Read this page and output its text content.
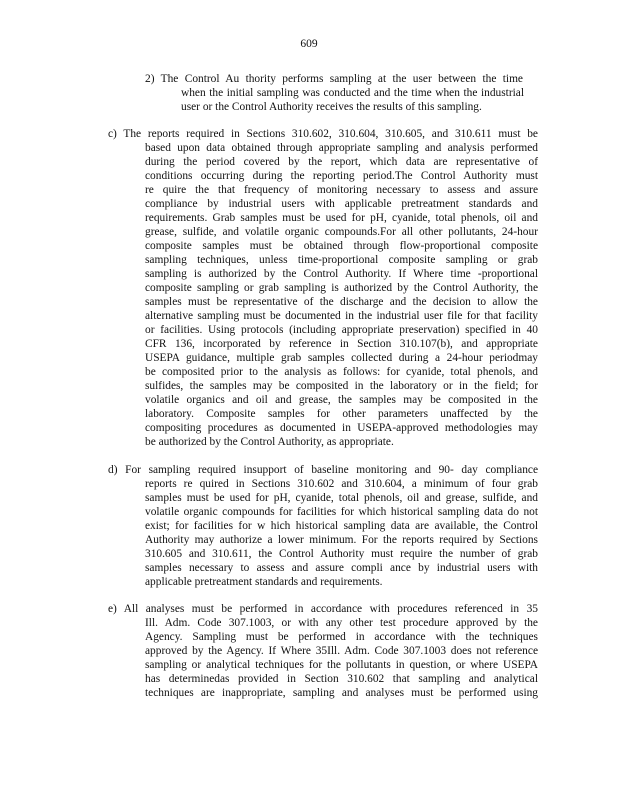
609
2) The Control Au thority performs sampling at the user between the time
when the initial sampling was conducted and the time when the industrial
user or the Control Authority receives the results of this sampling.
c) The reports required in Sections 310.602, 310.604, 310.605, and 310.611 must be
based upon data obtained through appropriate sampling and analysis performed
during the period covered by the report, which data are representative of
conditions occurring during the reporting period.The Control Authority must
re quire the that frequency of monitoring necessary to assess and assure
compliance by industrial users with applicable pretreatment standards and
requirements. Grab samples must be used for pH, cyanide, total phenols, oil and
grease, sulfide, and volatile organic compounds.For all other pollutants, 24-hour
composite samples must be obtained through flow-proportional composite
sampling techniques, unless time-proportional composite sampling or grab
sampling is authorized by the Control Authority. If Where time -proportional
composite sampling or grab sampling is authorized by the Control Authority, the
samples must be representative of the discharge and the decision to allow the
alternative sampling must be documented in the industrial user file for that facility
or facilities. Using protocols (including appropriate preservation) specified in 40
CFR 136, incorporated by reference in Section 310.107(b), and appropriate
USEPA guidance, multiple grab samples collected during a 24-hour periodmay
be composited prior to the analysis as follows: for cyanide, total phenols, and
sulfides, the samples may be composited in the laboratory or in the field; for
volatile organics and oil and grease, the samples may be composited in the
laboratory. Composite samples for other parameters unaffected by the
compositing procedures as documented in USEPA-approved methodologies may
be authorized by the Control Authority, as appropriate.
d) For sampling required insupport of baseline monitoring and 90- day compliance
reports re quired in Sections 310.602 and 310.604, a minimum of four grab
samples must be used for pH, cyanide, total phenols, oil and grease, sulfide, and
volatile organic compounds for facilities for which historical sampling data do not
exist; for facilities for w hich historical sampling data are available, the Control
Authority may authorize a lower minimum. For the reports required by Sections
310.605 and 310.611, the Control Authority must require the number of grab
samples necessary to assess and assure compli ance by industrial users with
applicable pretreatment standards and requirements.
e) All analyses must be performed in accordance with procedures referenced in 35
Ill. Adm. Code 307.1003, or with any other test procedure approved by the
Agency. Sampling must be performed in accordance with the techniques
approved by the Agency. If Where 35Ill. Adm. Code 307.1003 does not reference
sampling or analytical techniques for the pollutants in question, or where USEPA
has determinedas provided in Section 310.602 that sampling and analytical
techniques are inappropriate, sampling and analyses must be performed using
